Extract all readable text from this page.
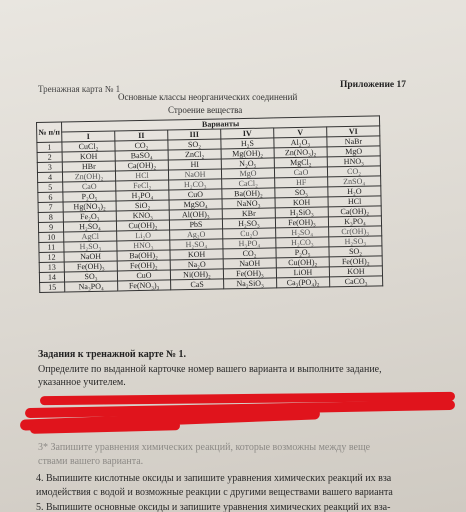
Тренажная карта № 1	Приложение 17
Основные классы неорганических соединений
Строение вещества
№ п/п	Варианты					
	I	II	III	IV	V	VI
1	CuCl₂	CO₂	SO₂	H₂S	Al₂O₃	NaBr
2	KOH	BaSO₄	ZnCl₂	Mg(OH)₂	Zn(NO₃)₂	MgO
3	HBr	Ca(OH)₂	HI	N₂O₅	MgCl₂	HNO₃
4	Zn(OH)₂	HCl	NaOH	MgO	CaO	CO₂
5	CaO	FeCl₂	H₂CO₃	CaCl₂	HF	ZnSO₄
6	P₂O₅	H₃PO₄	CuO	Ba(OH)₂	SO₃	H₂O
7	Hg(NO₃)₂	SiO₂	MgSO₄	NaNO₃	KOH	HCl
8	Fe₂O₃	KNO₃	Al(OH)₃	KBr	H₂SiO₃	Ca(OH)₂
9	H₂SO₄	Cu(OH)₂	PbS	H₂SO₃	Fe(OH)₃	K₃PO₄
10	AgCl	Li₂O	Ag₂O	Cu₂O	H₂SO₄	Cr(OH)₃
11	H₂SO₃	HNO₃	H₂SO₄	H₃PO₄	H₂CO₃	H₂SO₃
12	NaOH	Ba(OH)₂	KOH	CO₂	P₂O₅	SO₂
13	Fe(OH)₃	Fe(OH)₂	Na₂O	NaOH	Cu(OH)₂	Fe(OH)₂
14	SO₃	CuO	Ni(OH)₂	Fe(OH)₃	LiOH	KOH
15	Na₃PO₄	Fe(NO₃)₃	CaS	Na₂SiO₃	Ca₃(PO₄)₂	CaCO₃
Задания к тренажной карте № 1.
Определите по выданной карточке номер вашего варианта и выполните задание,
указанное учителем.
3* Запишите уравнения химических реакций, которые возможны между веще
ствами вашего варианта.
4. Выпишите кислотные оксиды и запишите уравнения химических реакций их вза
имодействия с водой и возможные реакции с другими веществами вашего варианта
5. Выпишите основные оксиды и запишите уравнения химических реакций их вза-
